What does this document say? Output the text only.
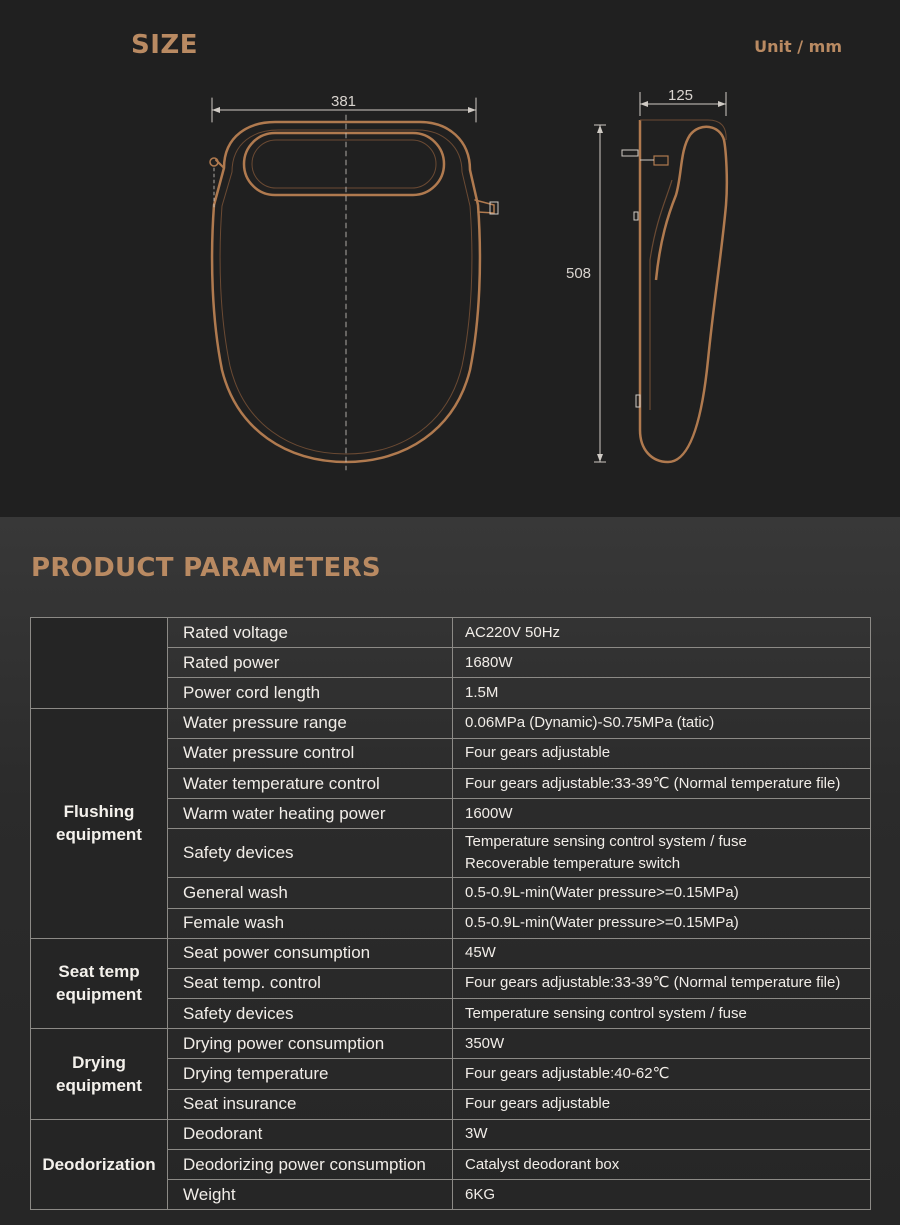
SIZE	Unit / mm
381	125
508
PRODUCT PARAMETERS
	Rated voltage	AC220V 50Hz

	Rated power	1680W

	Power cord length	1.5M

Flushing
equipment	Water pressure range	0.06MPa (Dynamic)-S0.75MPa (tatic)

	Water pressure control	Four gears adjustable

	Water temperature control	Four gears adjustable:33-39℃ (Normal temperature file)

	Warm water heating power	1600W

	Safety devices	Temperature sensing control system / fuse
Recoverable temperature switch

	General wash	0.5-0.9L-min(Water pressure>=0.15MPa)

	Female wash	0.5-0.9L-min(Water pressure>=0.15MPa)

Seat temp
equipment	Seat power consumption	45W

	Seat temp. control	Four gears adjustable:33-39℃ (Normal temperature file)

	Safety devices	Temperature sensing control system / fuse

Drying
equipment	Drying power consumption	350W

	Drying temperature	Four gears adjustable:40-62℃

	Seat insurance	Four gears adjustable

Deodorization	Deodorant	3W

	Deodorizing power consumption	Catalyst deodorant box

	Weight	6KG
